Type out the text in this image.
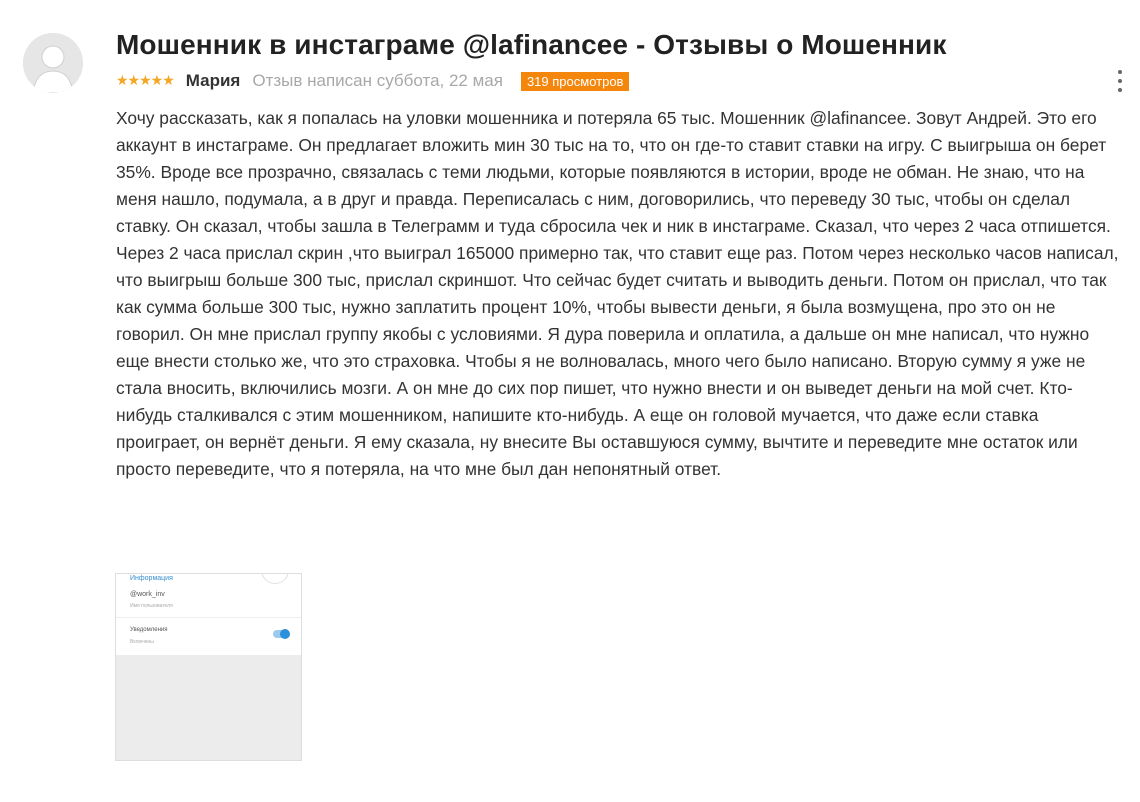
Мошенник в инстаграме @lafinancee - Отзывы о Мошенник
★★★★★ Мария Отзыв написан суббота, 22 мая	319 просмотров

Хочу рассказать, как я попалась на уловки мошенника и потеряла 65 тыс. Мошенник @lafinancee. Зовут Андрей. Это его аккаунт в инстаграме. Он предлагает вложить мин 30 тыс на то, что он где-то ставит ставки на игру. С выигрыша он берет 35%. Вроде все прозрачно, связалась с теми людьми, которые появляются в истории, вроде не обман. Не знаю, что на меня нашло, подумала, а в друг и правда. Переписалась с ним, договорились, что переведу 30 тыс, чтобы он сделал ставку. Он сказал, чтобы зашла в Телеграмм и туда сбросила чек и ник в инстаграме. Сказал, что через 2 часа отпишется. Через 2 часа прислал скрин ,что выиграл 165000 примерно так, что ставит еще раз. Потом через несколько часов написал, что выигрыш больше 300 тыс, прислал скриншот. Что сейчас будет считать и выводить деньги. Потом он прислал, что так как сумма больше 300 тыс, нужно заплатить процент 10%, чтобы вывести деньги, я была возмущена, про это он не говорил. Он мне прислал группу якобы с условиями. Я дура поверила и оплатила, а дальше он мне написал, что нужно еще внести столько же, что это страховка. Чтобы я не волновалась, много чего было написано. Вторую сумму я уже не стала вносить, включились мозги. А он мне до сих пор пишет, что нужно внести и он выведет деньги на мой счет. Кто-нибудь сталкивался с этим мошенником, напишите кто-нибудь. А еще он головой мучается, что даже если ставка проиграет, он вернёт деньги. Я ему сказала, ну внесите Вы оставшуюся сумму, вычтите и переведите мне остаток или просто переведите, что я потеряла, на что мне был дан непонятный ответ.

Информация
@work_inv
Имя пользователя
Уведомления
Включены
